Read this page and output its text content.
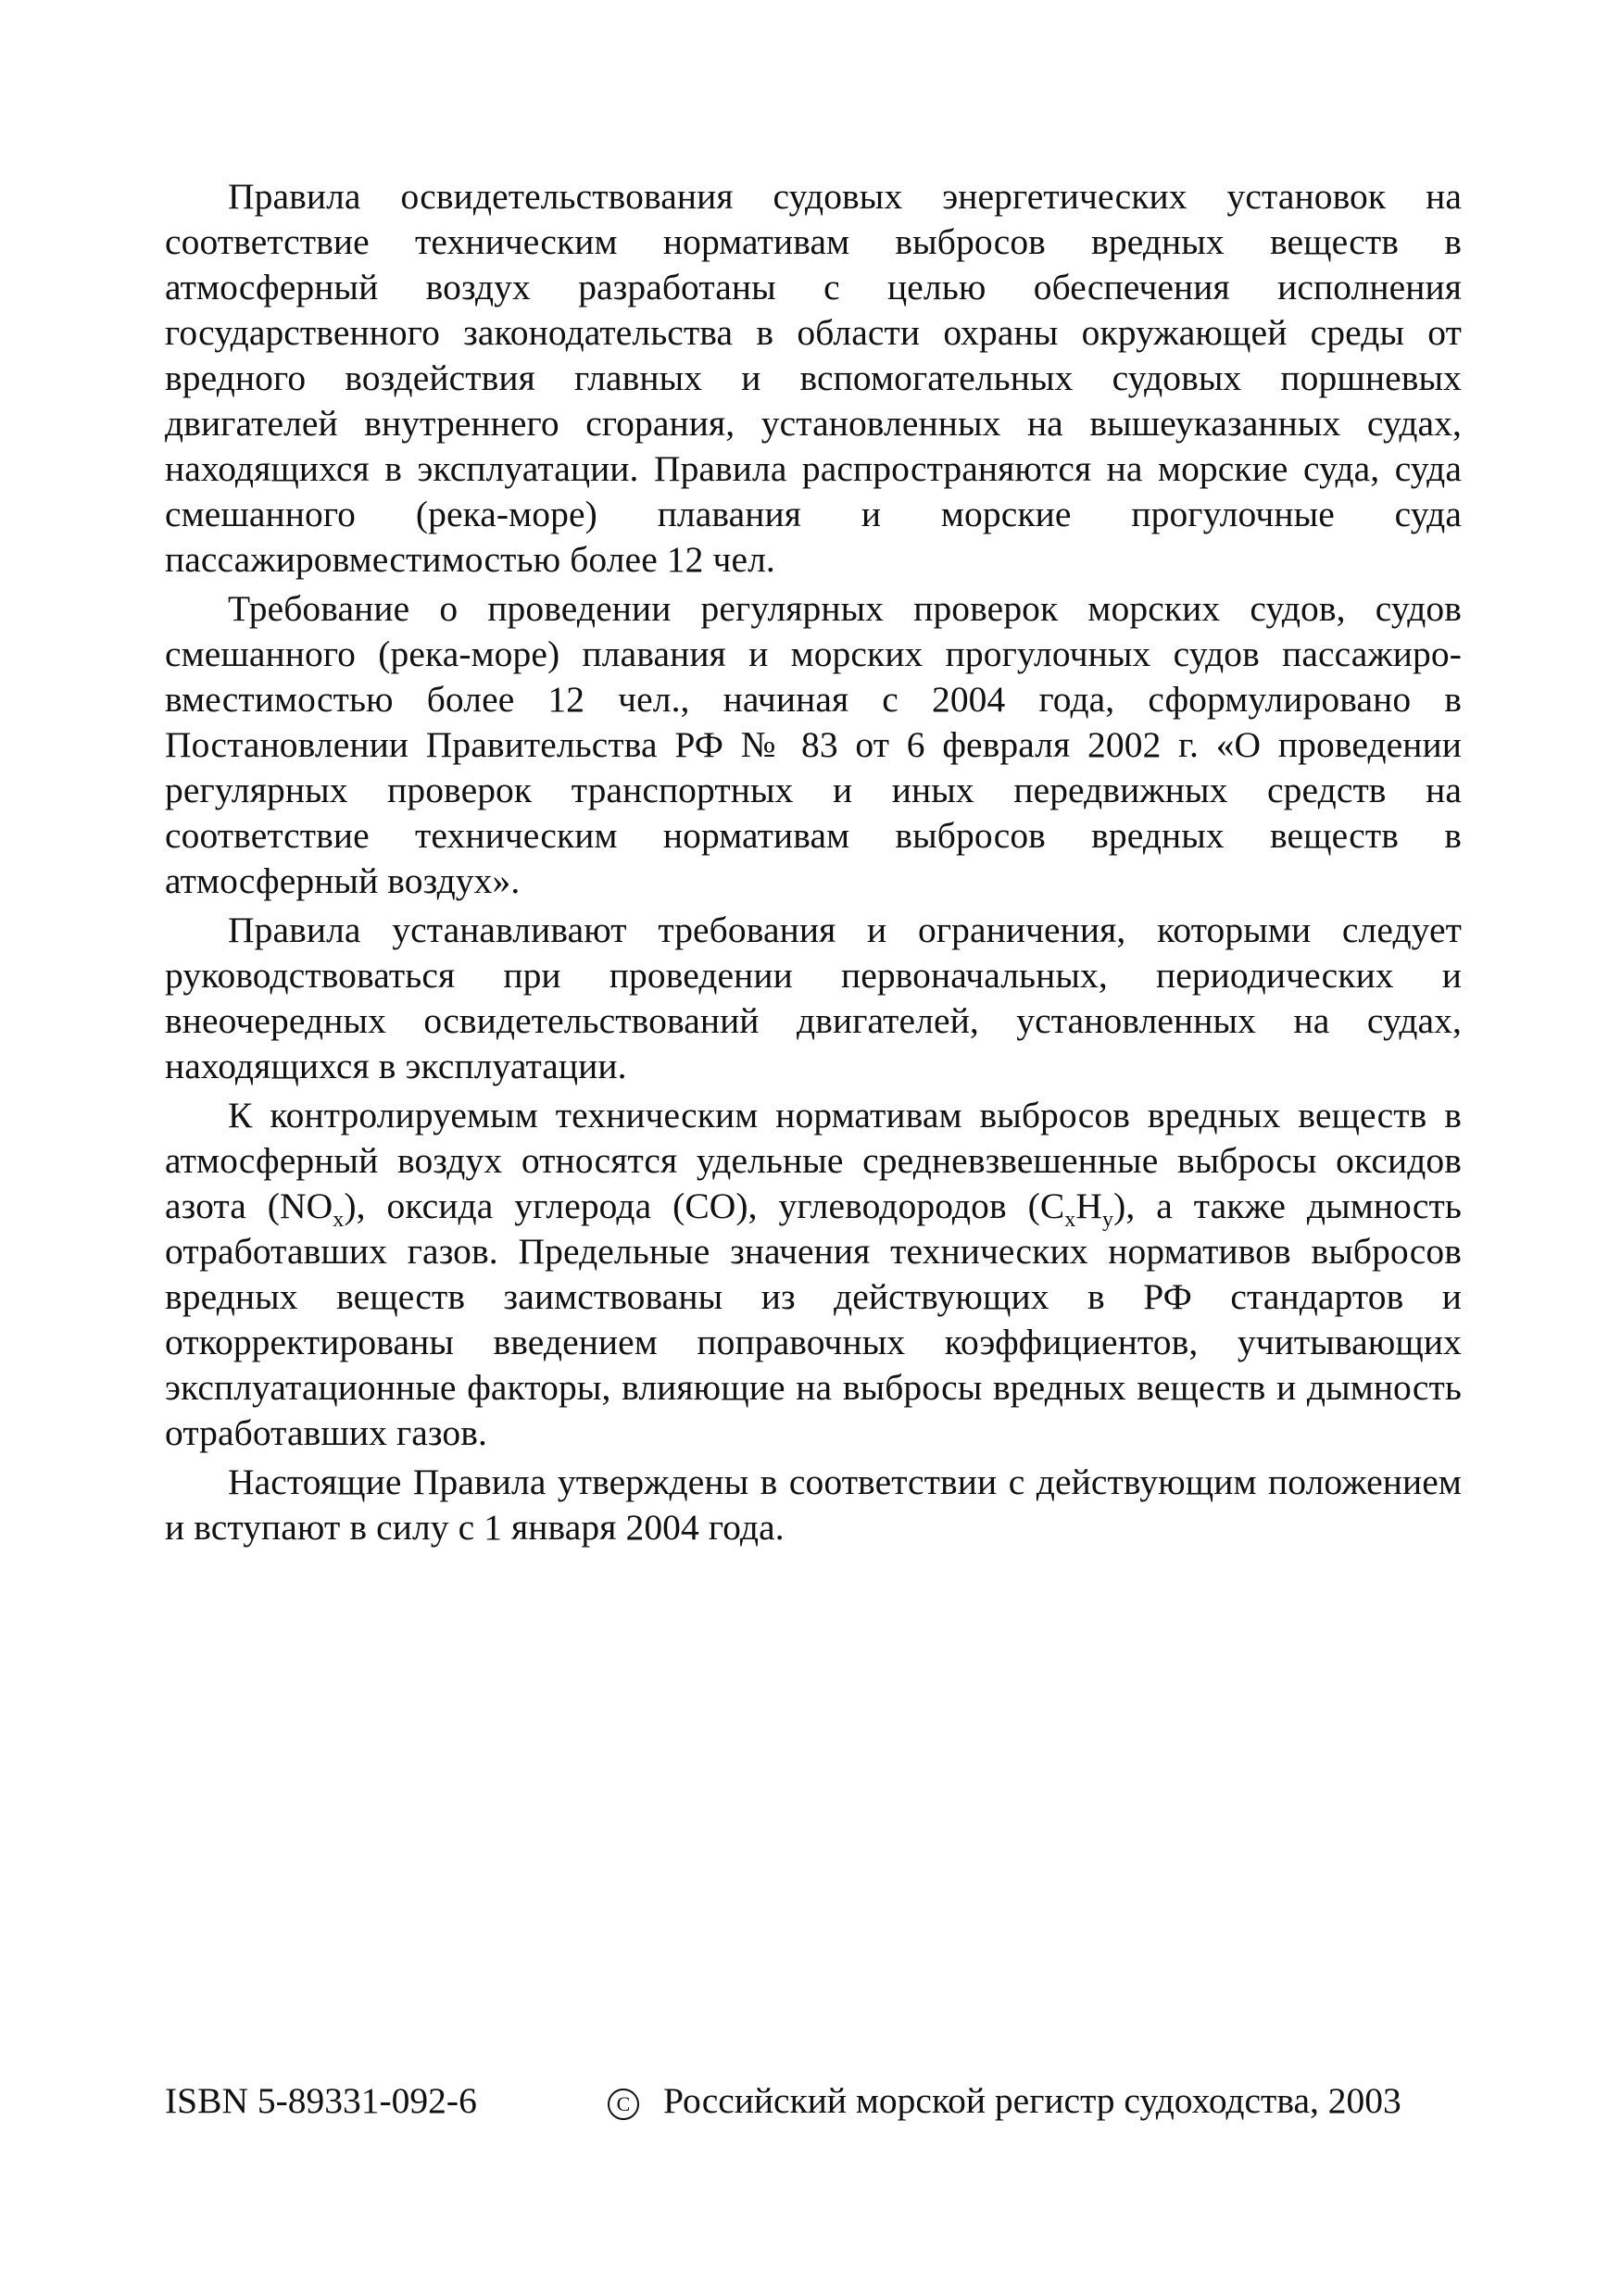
Правила освидетельствования судовых энергетических установок на соответствие техническим нормативам выбросов вредных веществ в атмосферный воздух разработаны с целью обеспечения исполнения государственного законодательства в области охраны окружающей среды от вредного воздействия главных и вспомогательных судовых поршневых двигателей внутреннего сгорания, установленных на вышеуказанных судах, находящихся в эксплуатации. Правила распространяются на морские суда, суда смешанного (река-море) плавания и морские прогулочные суда пассажировместимостью более 12 чел.

Требование о проведении регулярных проверок морских судов, судов смешанного (река-море) плавания и морских прогулочных судов пассажиро-вместимостью более 12 чел., начиная с 2004 года, сформулировано в Постановлении Правительства РФ № 83 от 6 февраля 2002 г. «О проведении регулярных проверок транспортных и иных передвижных средств на соответствие техническим нормативам выбросов вредных веществ в атмосферный воздух».

Правила устанавливают требования и ограничения, которыми следует руководствоваться при проведении первоначальных, периодических и внеочередных освидетельствований двигателей, установленных на судах, находящихся в эксплуатации.

К контролируемым техническим нормативам выбросов вредных веществ в атмосферный воздух относятся удельные средневзвешенные выбросы оксидов азота $(NO_x)$, оксида углерода (CO), углеводородов $(C_xH_y)$, а также дымность отработавших газов. Предельные значения технических нормативов выбросов вредных веществ заимствованы из действующих в РФ стандартов и откорректированы введением поправочных коэффициентов, учитывающих эксплуатационные факторы, влияющие на выбросы вредных веществ и дымность отработавших газов.

Настоящие Правила утверждены в соответствии с действующим положением и вступают в силу с 1 января 2004 года.

ISBN 5-89331-092-6	C Российский морской регистр судоходства, 2003
